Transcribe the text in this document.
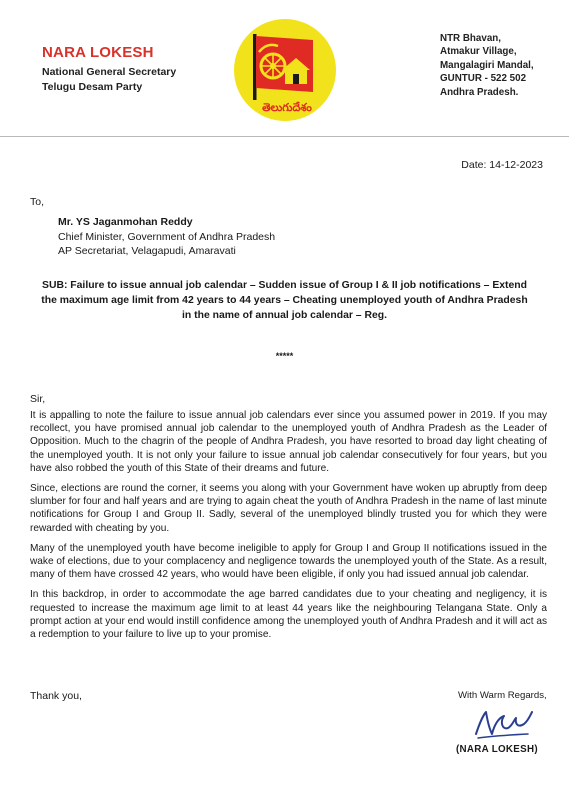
NARA LOKESH
National General Secretary
Telugu Desam Party
తెలుగుదేశం
NTR Bhavan,
Atmakur Village,
Mangalagiri Mandal,
GUNTUR - 522 502
Andhra Pradesh.
Date: 14-12-2023
To,
Mr. YS Jaganmohan Reddy
Chief Minister, Government of Andhra Pradesh
AP Secretariat, Velagapudi, Amaravati
SUB: Failure to issue annual job calendar – Sudden issue of Group I & II job notifications – Extend the maximum age limit from 42 years to 44 years – Cheating unemployed youth of Andhra Pradesh in the name of annual job calendar – Reg.
*****
Sir,

It is appalling to note the failure to issue annual job calendars ever since you assumed power in 2019. If you may recollect, you have promised annual job calendar to the unemployed youth of Andhra Pradesh as the Leader of Opposition. Much to the chagrin of the people of Andhra Pradesh, you have resorted to broad day light cheating of the unemployed youth. It is not only your failure to issue annual job calendar consecutively for four years, but you have also robbed the youth of this State of their dreams and future.

Since, elections are round the corner, it seems you along with your Government have woken up abruptly from deep slumber for four and half years and are trying to again cheat the youth of Andhra Pradesh in the name of last minute notifications for Group I and Group II. Sadly, several of the unemployed blindly trusted you for which they were rewarded with cheating by you.

Many of the unemployed youth have become ineligible to apply for Group I and Group II notifications issued in the wake of elections, due to your complacency and negligence towards the unemployed youth of the State. As a result, many of them have crossed 42 years, who would have been eligible, if only you had issued annual job calendar.

In this backdrop, in order to accommodate the age barred candidates due to your cheating and negligency, it is requested to increase the maximum age limit to at least 44 years like the neighbouring Telangana State. Only a prompt action at your end would instill confidence among the unemployed youth of Andhra Pradesh and it will act as a redemption to your failure to live up to your promise.

Thank you,	With Warm Regards,
(NARA LOKESH)
